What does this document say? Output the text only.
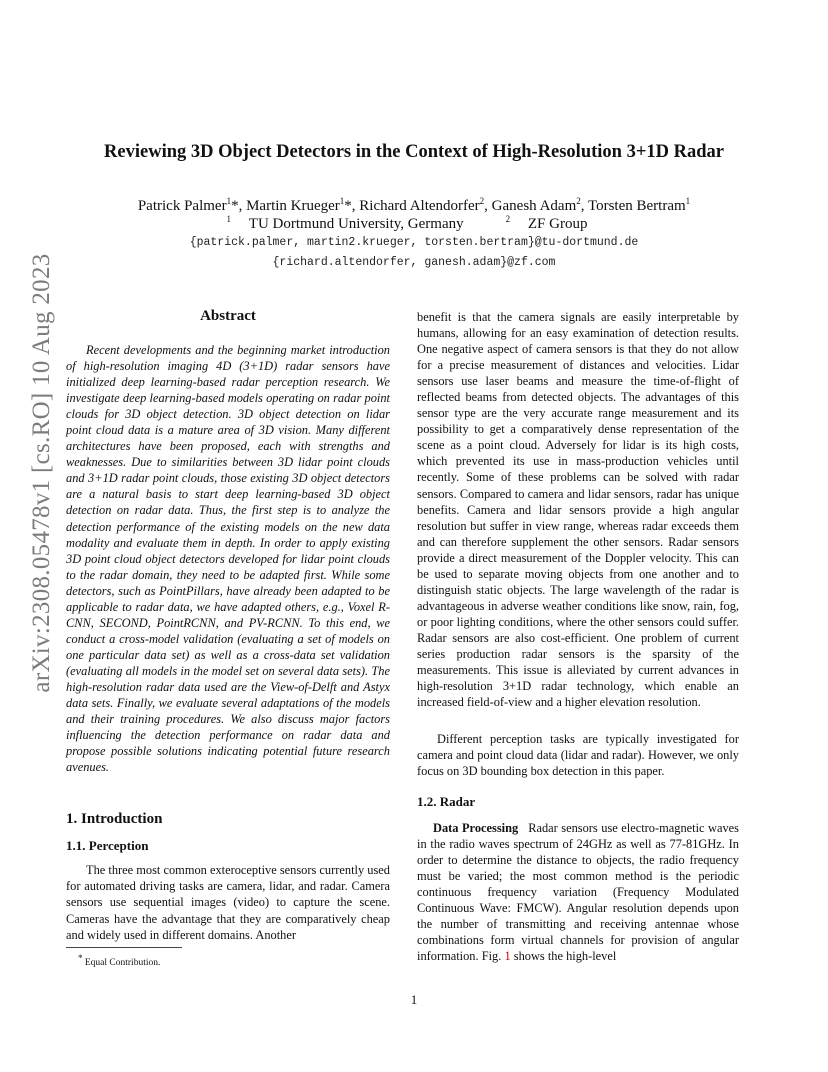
arXiv:2308.05478v1 [cs.RO] 10 Aug 2023
Reviewing 3D Object Detectors in the Context of High-Resolution 3+1D Radar
Patrick Palmer$^1$*, Martin Krueger$^1$*, Richard Altendorfer$^2$, Ganesh Adam$^2$, Torsten Bertram$^1$
$^1$ TU Dortmund University, Germany	$^2$ ZF Group
{patrick.palmer, martin2.krueger, torsten.bertram}@tu-dortmund.de
{richard.altendorfer, ganesh.adam}@zf.com
Abstract
Recent developments and the beginning market introduction of high-resolution imaging 4D (3+1D) radar sensors have initialized deep learning-based radar perception research. We investigate deep learning-based models operating on radar point clouds for 3D object detection. 3D object detection on lidar point cloud data is a mature area of 3D vision. Many different architectures have been proposed, each with strengths and weaknesses. Due to similarities between 3D lidar point clouds and 3+1D radar point clouds, those existing 3D object detectors are a natural basis to start deep learning-based 3D object detection on radar data. Thus, the first step is to analyze the detection performance of the existing models on the new data modality and evaluate them in depth. In order to apply existing 3D point cloud object detectors developed for lidar point clouds to the radar domain, they need to be adapted first. While some detectors, such as PointPillars, have already been adapted to be applicable to radar data, we have adapted others, e.g., Voxel R-CNN, SECOND, PointRCNN, and PV-RCNN. To this end, we conduct a cross-model validation (evaluating a set of models on one particular data set) as well as a cross-data set validation (evaluating all models in the model set on several data sets). The high-resolution radar data used are the View-of-Delft and Astyx data sets. Finally, we evaluate several adaptations of the models and their training procedures. We also discuss major factors influencing the detection performance on radar data and propose possible solutions indicating potential future research avenues.
1. Introduction
1.1. Perception
The three most common exteroceptive sensors currently used for automated driving tasks are camera, lidar, and radar. Camera sensors use sequential images (video) to capture the scene. Cameras have the advantage that they are comparatively cheap and widely used in different domains. Another
* Equal Contribution.
benefit is that the camera signals are easily interpretable by humans, allowing for an easy examination of detection results. One negative aspect of camera sensors is that they do not allow for a precise measurement of distances and velocities. Lidar sensors use laser beams and measure the time-of-flight of reflected beams from detected objects. The advantages of this sensor type are the very accurate range measurement and its possibility to get a comparatively dense representation of the scene as a point cloud. Adversely for lidar is its high costs, which prevented its use in mass-production vehicles until recently. Some of these problems can be solved with radar sensors. Compared to camera and lidar sensors, radar has unique benefits. Camera and lidar sensors provide a high angular resolution but suffer in view range, whereas radar exceeds them and can therefore supplement the other sensors. Radar sensors provide a direct measurement of the Doppler velocity. This can be used to separate moving objects from one another and to distinguish static objects. The large wavelength of the radar is advantageous in adverse weather conditions like snow, rain, fog, or poor lighting conditions, where the other sensors could suffer. Radar sensors are also cost-efficient. One problem of current series production radar sensors is the sparsity of the measurements. This issue is alleviated by current advances in high-resolution 3+1D radar technology, which enable an increased field-of-view and a higher elevation resolution.
Different perception tasks are typically investigated for camera and point cloud data (lidar and radar). However, we only focus on 3D bounding box detection in this paper.
1.2. Radar
Data Processing Radar sensors use electro-magnetic waves in the radio waves spectrum of 24GHz as well as 77-81GHz. In order to determine the distance to objects, the radio frequency must be varied; the most common method is the periodic continuous frequency variation (Frequency Modulated Continuous Wave: FMCW). Angular resolution depends upon the number of transmitting and receiving antennae whose combinations form virtual channels for provision of angular information. Fig. 1 shows the high-level
1
